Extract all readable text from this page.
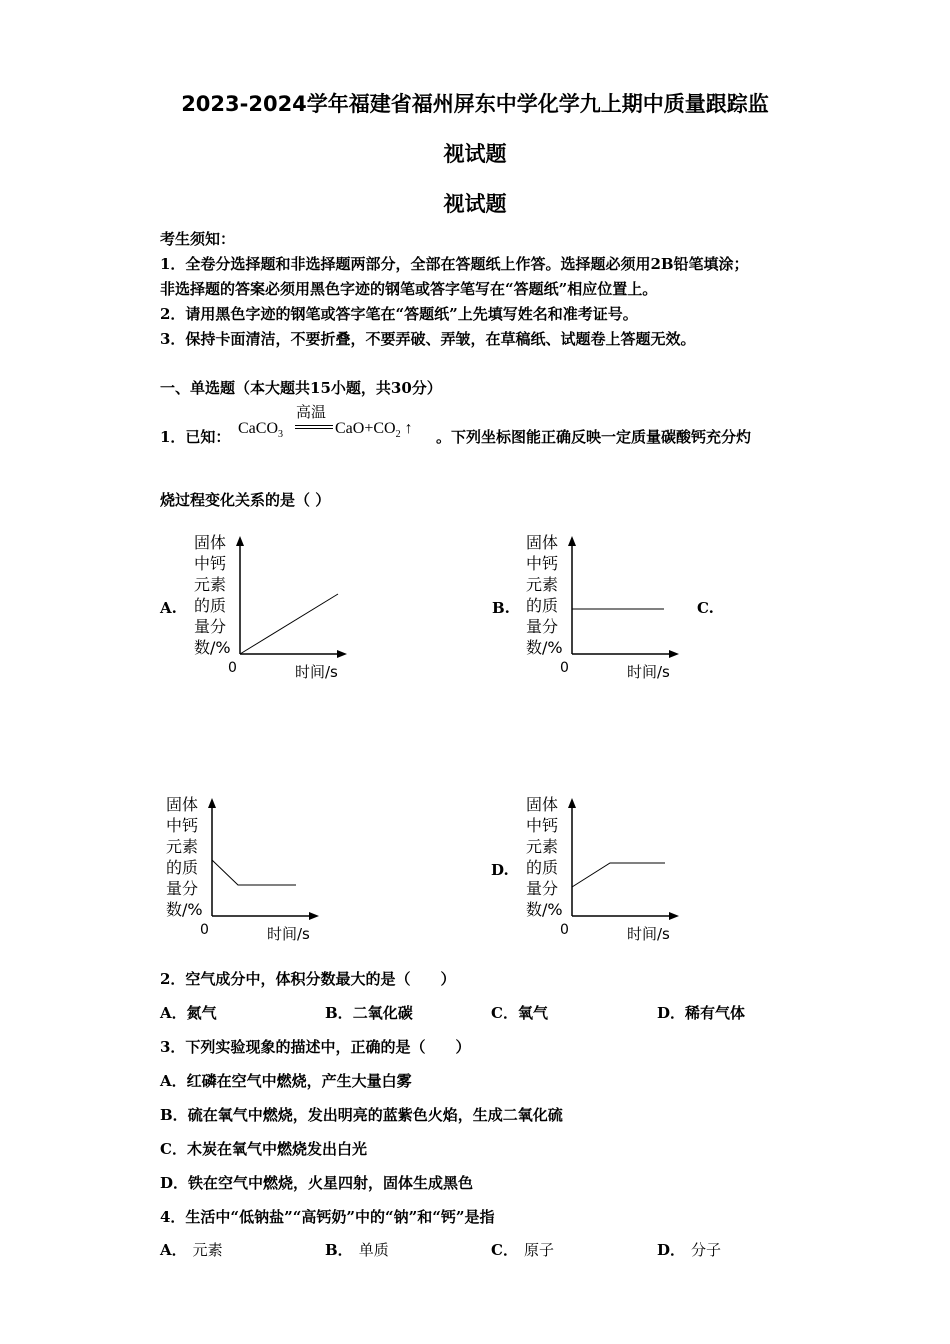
2023-2024学年福建省福州屏东中学化学九上期中质量跟踪监
视试题
视试题
考生须知：
1．全卷分选择题和非选择题两部分，全部在答题纸上作答。选择题必须用2B铅笔填涂；
非选择题的答案必须用黑色字迹的钢笔或答字笔写在“答题纸”相应位置上。
2．请用黑色字迹的钢笔或答字笔在“答题纸”上先填写姓名和准考证号。
3．保持卡面清洁，不要折叠，不要弄破、弄皱，在草稿纸、试题卷上答题无效。
一、单选题（本大题共15小题，共30分）
1．已知： CaCO$_3$
高温
$CaO+CO_2$ ↑ 。下列坐标图能正确反映一定质量碳酸钙充分灼
烧过程变化关系的是（ ）
A.
固体
中钙
元素
的质
量分
数/%
0	时间/s
B.
固体
中钙
元素
的质
量分
数/%
0	时间/s
C.
固体
中钙
元素
的质
量分
数/%
0	时间/s
D.
固体
中钙
元素
的质
量分
数/%
0	时间/s
2．空气成分中，体积分数最大的是（　　）
A．氮气	B．二氧化碳	C．氧气	D．稀有气体
3．下列实验现象的描述中，正确的是（　　）
A．红磷在空气中燃烧，产生大量白雾
B．硫在氧气中燃烧，发出明亮的蓝紫色火焰，生成二氧化硫
C．木炭在氧气中燃烧发出白光
D．铁在空气中燃烧，火星四射，固体生成黑色
4．生活中“低钠盐”“高钙奶”中的“钠”和“钙”是指
A． 元素	B． 单质	C． 原子	D． 分子
